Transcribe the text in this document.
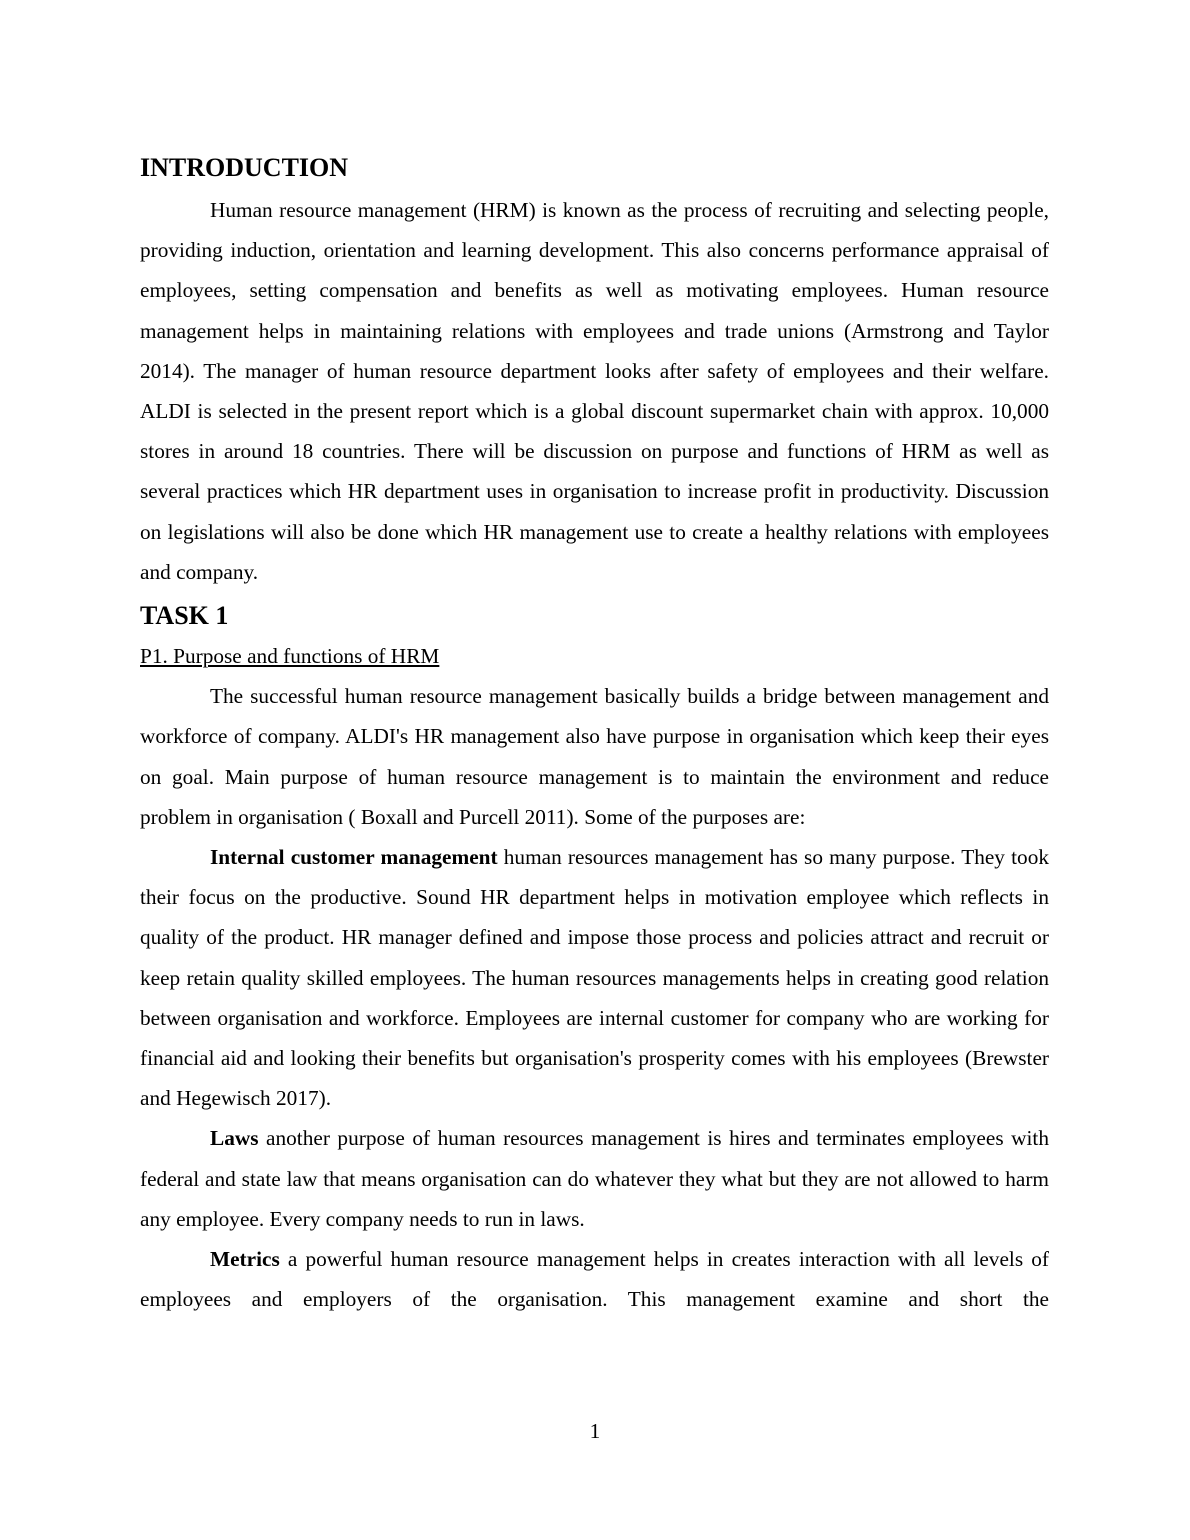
INTRODUCTION

Human resource management (HRM) is known as the process of recruiting and selecting people, providing induction, orientation and learning development. This also concerns performance appraisal of employees, setting compensation and benefits as well as motivating employees. Human resource management helps in maintaining relations with employees and trade unions (Armstrong and Taylor 2014). The manager of human resource department looks after safety of employees and their welfare. ALDI is selected in the present report which is a global discount supermarket chain with approx. 10,000 stores in around 18 countries. There will be discussion on purpose and functions of HRM as well as several practices which HR department uses in organisation to increase profit in productivity. Discussion on legislations will also be done which HR management use to create a healthy relations with employees and company.

TASK 1

P1. Purpose and functions of HRM

The successful human resource management basically builds a bridge between management and workforce of company. ALDI's HR management also have purpose in organisation which keep their eyes on goal. Main purpose of human resource management is to maintain the environment and reduce problem in organisation ( Boxall and Purcell 2011). Some of the purposes are:

Internal customer management human resources management has so many purpose. They took their focus on the productive. Sound HR department helps in motivation employee which reflects in quality of the product. HR manager defined and impose those process and policies attract and recruit or keep retain quality skilled employees. The human resources managements helps in creating good relation between organisation and workforce. Employees are internal customer for company who are working for financial aid and looking their benefits but organisation's prosperity comes with his employees (Brewster and Hegewisch 2017).

Laws another purpose of human resources management is hires and terminates employees with federal and state law that means organisation can do whatever they what but they are not allowed to harm any employee. Every company needs to run in laws.

Metrics a powerful human resource management helps in creates interaction with all levels of employees and employers of the organisation. This management examine and short the

1
